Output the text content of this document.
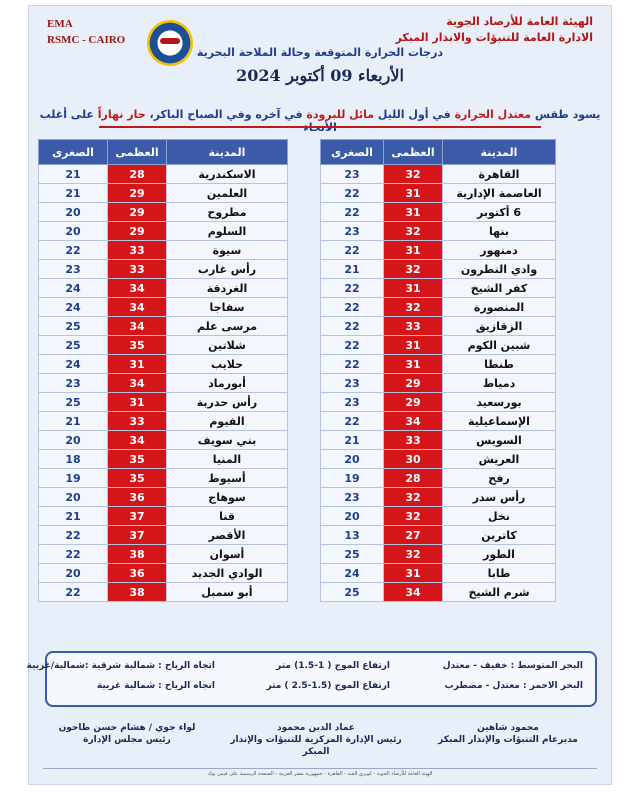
EMA
RSMC - CAIRO
الهيئة العامة للأرصاد الجوية
الادارة العامة للتنبؤات والانذار المبكر
درجات الحرارة المتوقعة وحالة الملاحة البحرية
الأربعاء 09 أكتوبر 2024
يسود طقس معتدل الحرارة في أول الليل مائل للبرودة في آخره وفي الصباح الباكر، حار نهاراً على أغلب
البحر المتوسط : خفيف - معتدل
ارتفاع الموج ( 1-1.5) متر
اتجاه الرياح : شمالية شرقية :شمالية/غربية
البحر الاحمر : معتدل - مضطرب
ارتفاع الموج (1.5-2.5 ) متر
اتجاه الرياح : شمالية غربية
محمود شاهين
مديرعام التنبؤات والإنذار المبكر
عماد الدين محمود
رئيس الإدارة المركزية للتنبؤات والإنذار المبكر
لواء جوي / هشام حسن طاحون
رئيس مجلس الإدارة
الهيئة العامة للأرصاد الجوية - كوبري القبة - القاهرة - جمهورية مصر العربية - الصفحة الرسمية على فيس بوك
المدينة	العظمى	الصغرى
القاهرة	32	23
العاصمة الإدارية	31	22
6 أكتوبر	31	22
بنها	32	23
دمنهور	31	22
وادي النطرون	32	21
كفر الشيخ	31	22
المنصورة	32	22
الزقازيق	33	22
شبين الكوم	31	22
طنطا	31	22
دمياط	29	23
بورسعيد	29	23
الإسماعيلية	34	22
السويس	33	21
العريش	30	20
رفح	28	19
رأس سدر	32	23
نخل	32	20
كاترين	27	13
الطور	32	25
طابا	31	24
شرم الشيخ	34	25
المدينة	العظمى	الصغرى
الاسكندرية	28	21
العلمين	29	21
مطروح	29	20
السلوم	29	20
سيوة	33	22
رأس غارب	33	23
الغردقة	34	24
سفاجا	34	24
مرسى علم	34	25
شلاتين	35	25
حلايب	31	24
أبورماد	34	23
رأس حدربة	31	25
الفيوم	33	21
بني سويف	34	20
المنيا	35	18
أسيوط	35	19
سوهاج	36	20
قنا	37	21
الأقصر	37	22
أسوان	38	22
الوادي الجديد	36	20
أبو سمبل	38	22
